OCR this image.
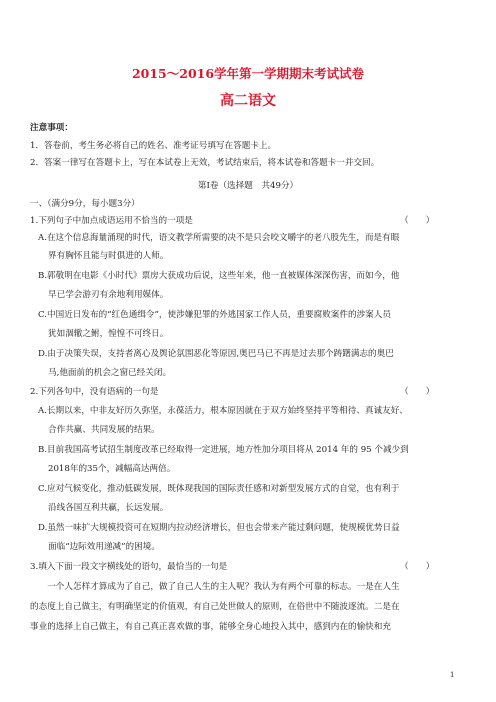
2015～2016学年第一学期期末考试试卷
高二语文
注意事项：
1．答卷前，考生务必将自己的姓名、准考证号填写在答题卡上。
2．答案一律写在答题卡上，写在本试卷上无效，考试结束后，将本试卷和答题卡一并交回。
第Ⅰ卷（选择题　共49分）
一、（满分9分，每小题3分）
1.下列句子中加点成语运用不恰当的一项是	（　　）
A.在这个信息海量涌现的时代，语文教学所需要的决不是只会咬文嚼字的老八股先生，而是有眼
界有胸怀且能与时俱进的人师。
B.郭敬明在电影《小时代》票房大获成功后说，这些年来，他一直被媒体深深伤害，而如今，他
早已学会游刃有余地利用媒体。
C.中国近日发布的“红色通缉令”，使涉嫌犯罪的外逃国家工作人员，重要腐败案件的涉案人员
犹如涸辙之鲋，惶惶不可终日。
D.由于决策失误，支持者离心及舆论氛围恶化等原因,奥巴马已不再是过去那个踌躇满志的奥巴
马,他面前的机会之窗已经关闭。
2.下列各句中，没有语病的一句是	（　　）
A.长期以来，中非友好历久弥坚，永葆活力，根本原因就在于双方始终坚持平等相待、真诚友好、
合作共赢、共同发展的结果。
B.目前我国高考试招生制度改革已经取得一定进展，地方性加分项目将从 2014 年的 95 个减少到
2018年的35个，减幅高达两倍。
C.应对气候变化，推动低碳发展，既体现我国的国际责任感和对新型发展方式的自觉，也有利于
沿线各国互利共赢，长远发展。
D.虽然一味扩大规模投资可在短期内拉动经济增长，但也会带来产能过剩问题，使规模优势日益
面临“边际效用递减”的困境。
3.填入下面一段文字横线处的语句，最恰当的一句是	（　　）
　　一个人怎样才算成为了自己，做了自己人生的主人呢？我认为有两个可靠的标志。一是在人生
的态度上自己做主，有明确坚定的价值观，有自己处世做人的原则，在俗世中不随波逐流。二是在
事业的选择上自己做主，有自己真正喜欢做的事，能够全身心地投入其中，感到内在的愉快和充
1
